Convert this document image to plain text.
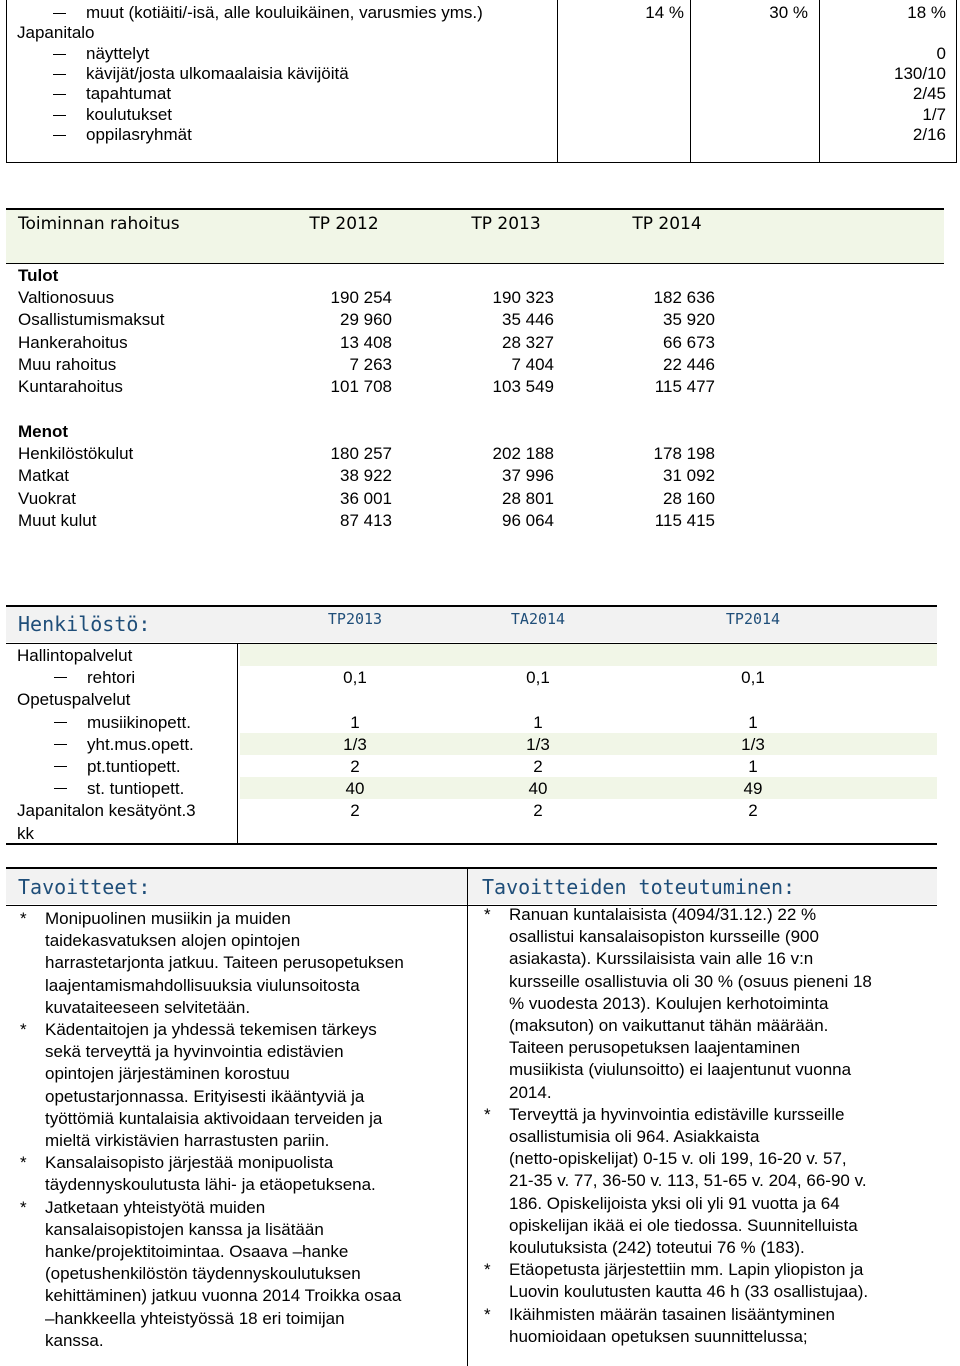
muut (kotiäiti/-isä, alle kouluikäinen, varusmies yms.)	14 %	30 %	18 %
Japanitalo
näyttelyt	0
kävijät/josta ulkomaalaisia kävijöitä	130/10
tapahtumat	2/45
koulutukset	1/7
oppilasryhmät	2/16
Toiminnan rahoitus	TP 2012	TP 2013	TP 2014
Tulot
Valtionosuus	190 254	190 323	182 636
Osallistumismaksut	29 960	35 446	35 920
Hankerahoitus	13 408	28 327	66 673
Muu rahoitus	7 263	7 404	22 446
Kuntarahoitus	101 708	103 549	115 477
Menot
Henkilöstökulut	180 257	202 188	178 198
Matkat	38 922	37 996	31 092
Vuokrat	36 001	28 801	28 160
Muut kulut	87 413	96 064	115 415
Henkilöstö:	TP2013	TA2014	TP2014
Hallintopalvelut
rehtori	0,1	0,1	0,1
Opetuspalvelut
musiikinopett.	1	1	1
yht.mus.opett.	1/3	1/3	1/3
pt.tuntiopett.	2	2	1
st. tuntiopett.	40	40	49
Japanitalon kesätyönt.3	2	2	2
kk
Tavoitteet:	Tavoitteiden toteutuminen:
* Monipuolinen musiikin ja muiden
taidekasvatuksen alojen opintojen
harrastetarjonta jatkuu. Taiteen perusopetuksen
laajentamismahdollisuuksia viulunsoitosta
kuvataiteeseen selvitetään.
* Kädentaitojen ja yhdessä tekemisen tärkeys
sekä terveyttä ja hyvinvointia edistävien
opintojen järjestäminen korostuu
opetustarjonnassa. Erityisesti ikääntyviä ja
työttömiä kuntalaisia aktivoidaan terveiden ja
mieltä virkistävien harrastusten pariin.
* Kansalaisopisto järjestää monipuolista
täydennyskoulutusta lähi- ja etäopetuksena.
* Jatketaan yhteistyötä muiden
kansalaisopistojen kanssa ja lisätään
hanke/projektitoimintaa. Osaava –hanke
(opetushenkilöstön täydennyskoulutuksen
kehittäminen) jatkuu vuonna 2014 Troikka osaa
–hankkeella yhteistyössä 18 eri toimijan
kanssa.
* Ranuan kuntalaisista (4094/31.12.) 22 %
osallistui kansalaisopiston kursseille (900
asiakasta). Kurssilaisista vain alle 16 v:n
kursseille osallistuvia oli 30 % (osuus pieneni 18
% vuodesta 2013). Koulujen kerhotoiminta
(maksuton) on vaikuttanut tähän määrään.
Taiteen perusopetuksen laajentaminen
musiikista (viulunsoitto) ei laajentunut vuonna
2014.
* Terveyttä ja hyvinvointia edistäville kursseille
osallistumisia oli 964. Asiakkaista
(netto-opiskelijat) 0-15 v. oli 199, 16-20 v. 57,
21-35 v. 77, 36-50 v. 113, 51-65 v. 204, 66-90 v.
186. Opiskelijoista yksi oli yli 91 vuotta ja 64
opiskelijan ikää ei ole tiedossa. Suunnitelluista
koulutuksista (242) toteutui 76 % (183).
* Etäopetusta järjestettiin mm. Lapin yliopiston ja
Luovin koulutusten kautta 46 h (33 osallistujaa).
* Ikäihmisten määrän tasainen lisääntyminen
huomioidaan opetuksen suunnittelussa;
